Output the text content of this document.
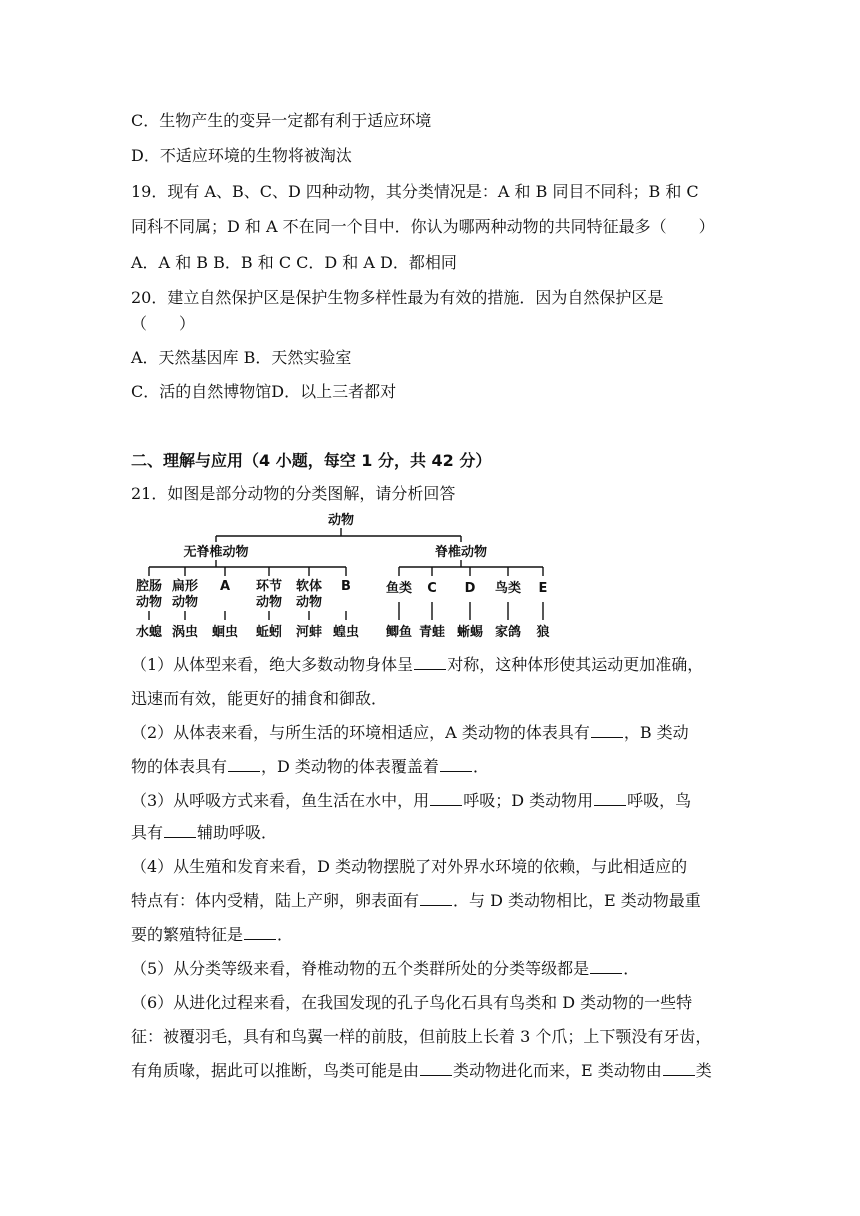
C．生物产生的变异一定都有利于适应环境
D．不适应环境的生物将被淘汰
19．现有 A、B、C、D 四种动物，其分类情况是：A 和 B 同目不同科；B 和 C
同科不同属；D 和 A 不在同一个目中．你认为哪两种动物的共同特征最多（　　）
A．A 和 B B．B 和 C C．D 和 A D．都相同
20．建立自然保护区是保护生物多样性最为有效的措施．因为自然保护区是
（　　）
A．天然基因库 B．天然实验室
C．活的自然博物馆D．以上三者都对
二、理解与应用（4 小题，每空 1 分，共 42 分）
21．如图是部分动物的分类图解，请分析回答
动物
无脊椎动物	脊椎动物
腔肠
动物
水螅
扁形
动物
涡虫
A
蛔虫
环节
动物
蚯蚓
软体
动物
河蚌
B
蝗虫
鱼类
鲫鱼
C
青蛙
D
蜥蜴
鸟类
家鸽
E
狼
（1）从体型来看，绝大多数动物身体呈 对称，这种体形使其运动更加准确，
迅速而有效，能更好的捕食和御敌．
（2）从体表来看，与所生活的环境相适应，A 类动物的体表具有 ，B 类动
物的体表具有 ，D 类动物的体表覆盖着 ．
（3）从呼吸方式来看，鱼生活在水中，用 呼吸；D 类动物用 呼吸，鸟
具有 辅助呼吸．
（4）从生殖和发育来看，D 类动物摆脱了对外界水环境的依赖，与此相适应的
特点有：体内受精，陆上产卵，卵表面有 ．与 D 类动物相比，E 类动物最重
要的繁殖特征是 ．
（5）从分类等级来看，脊椎动物的五个类群所处的分类等级都是 ．
（6）从进化过程来看，在我国发现的孔子鸟化石具有鸟类和 D 类动物的一些特
征：被覆羽毛，具有和鸟翼一样的前肢，但前肢上长着 3 个爪；上下颚没有牙齿，
有角质喙，据此可以推断，鸟类可能是由 类动物进化而来，E 类动物由 类
